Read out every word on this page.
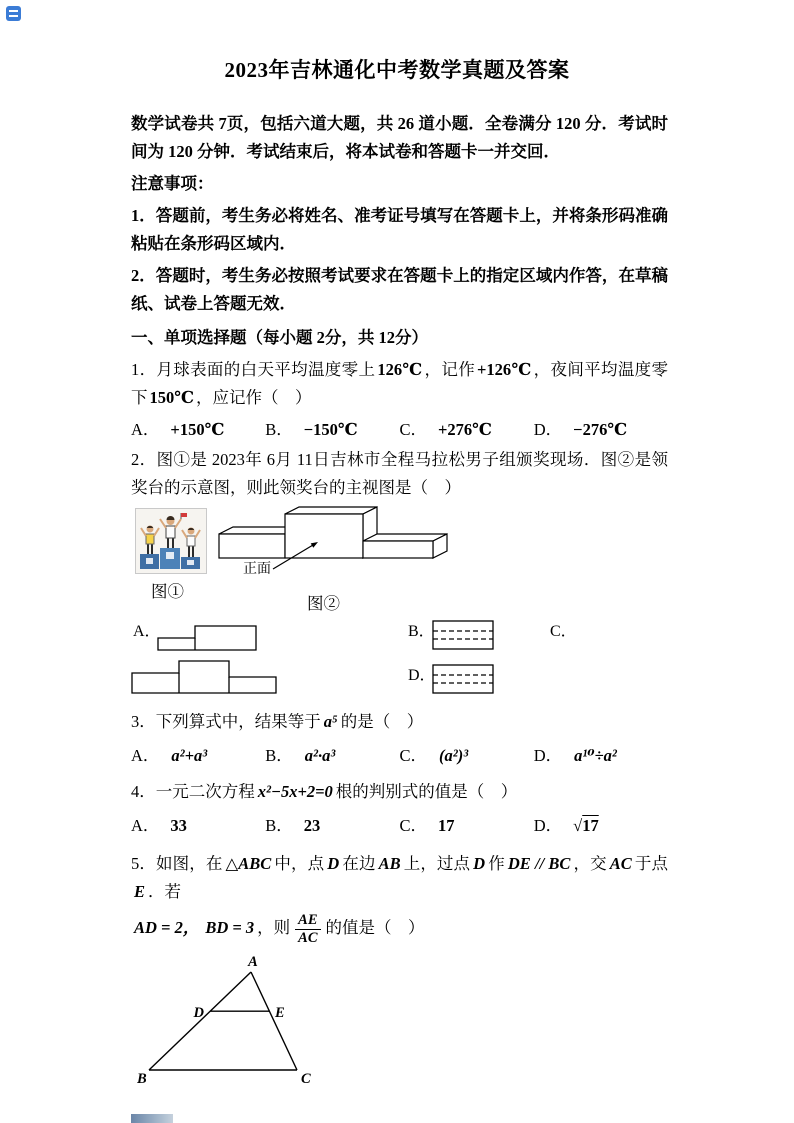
2023年吉林通化中考数学真题及答案

数学试卷共 7页，包括六道大题，共 26 道小题．全卷满分 120 分．考试时间为 120 分钟．考试结束后，将本试卷和答题卡一并交回．

注意事项：

1．答题前，考生务必将姓名、准考证号填写在答题卡上，并将条形码准确粘贴在条形码区域内．

2．答题时，考生务必按照考试要求在答题卡上的指定区域内作答，在草稿纸、试卷上答题无效．

一、单项选择题（每小题 2分，共 12分）

1．月球表面的白天平均温度零上 126℃ ，记作 +126℃ ，夜间平均温度零下 150℃ ，应记作（　）

A． +150℃ B． −150℃	C． +276℃	D． −276℃

2．图①是 2023年 6月 11日吉林市全程马拉松男子组颁奖现场．图②是领奖台的示意图，则此领奖台的主视图是（　）

正面
图①
图②
A．	B．	C．
D．

3．下列算式中，结果等于 a⁵ 的是（　）

A． a²+a³	B． a²·a³	C． (a²)³	D． a¹⁰÷a²

4．一元二次方程 x²−5x+2=0 根的判别式的值是（　）

A． 33	B． 23	C． 17	D． √17

5．如图，在 △ABC 中，点 D 在边 AB 上，过点 D 作 DE // BC ，交 AC 于点E ．若

AD = 2， BD = 3 ，则 $\frac{AE}{AC}$ 的值是（　）

A
B	C
D	E
